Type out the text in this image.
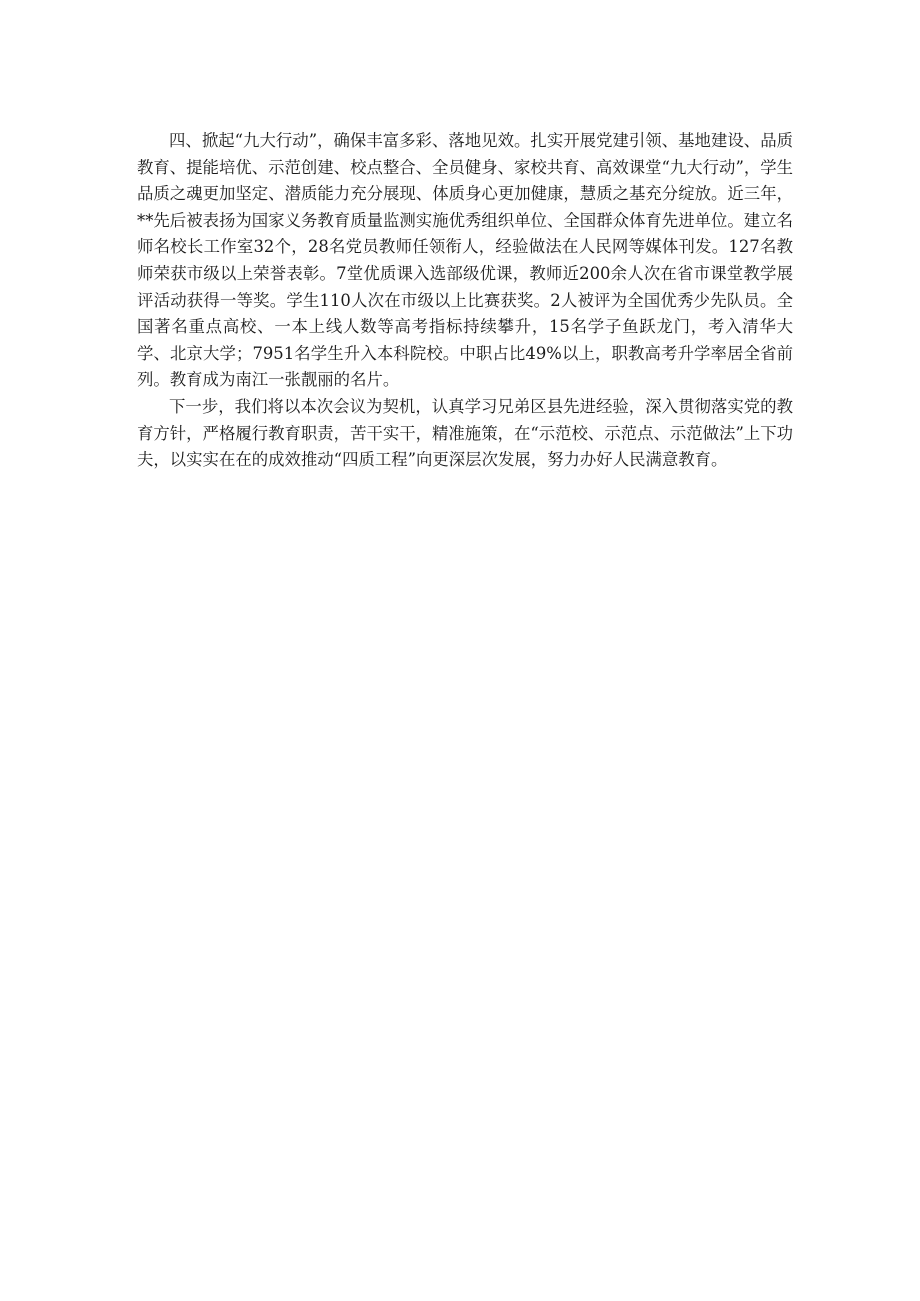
四、掀起“九大行动”，确保丰富多彩、落地见效。扎实开展党建引领、基地建设、品质教育、提能培优、示范创建、校点整合、全员健身、家校共育、高效课堂“九大行动”，学生品质之魂更加坚定、潜质能力充分展现、体质身心更加健康，慧质之基充分绽放。近三年，**先后被表扬为国家义务教育质量监测实施优秀组织单位、全国群众体育先进单位。建立名师名校长工作室32个，28名党员教师任领衔人，经验做法在人民网等媒体刊发。127名教师荣获市级以上荣誉表彰。7堂优质课入选部级优课，教师近200余人次在省市课堂教学展评活动获得一等奖。学生110人次在市级以上比赛获奖。2人被评为全国优秀少先队员。全国著名重点高校、一本上线人数等高考指标持续攀升，15名学子鱼跃龙门，考入清华大学、北京大学；7951名学生升入本科院校。中职占比49%以上，职教高考升学率居全省前列。教育成为南江一张靓丽的名片。

下一步，我们将以本次会议为契机，认真学习兄弟区县先进经验，深入贯彻落实党的教育方针，严格履行教育职责，苦干实干，精准施策，在“示范校、示范点、示范做法”上下功夫，以实实在在的成效推动“四质工程”向更深层次发展，努力办好人民满意教育。
